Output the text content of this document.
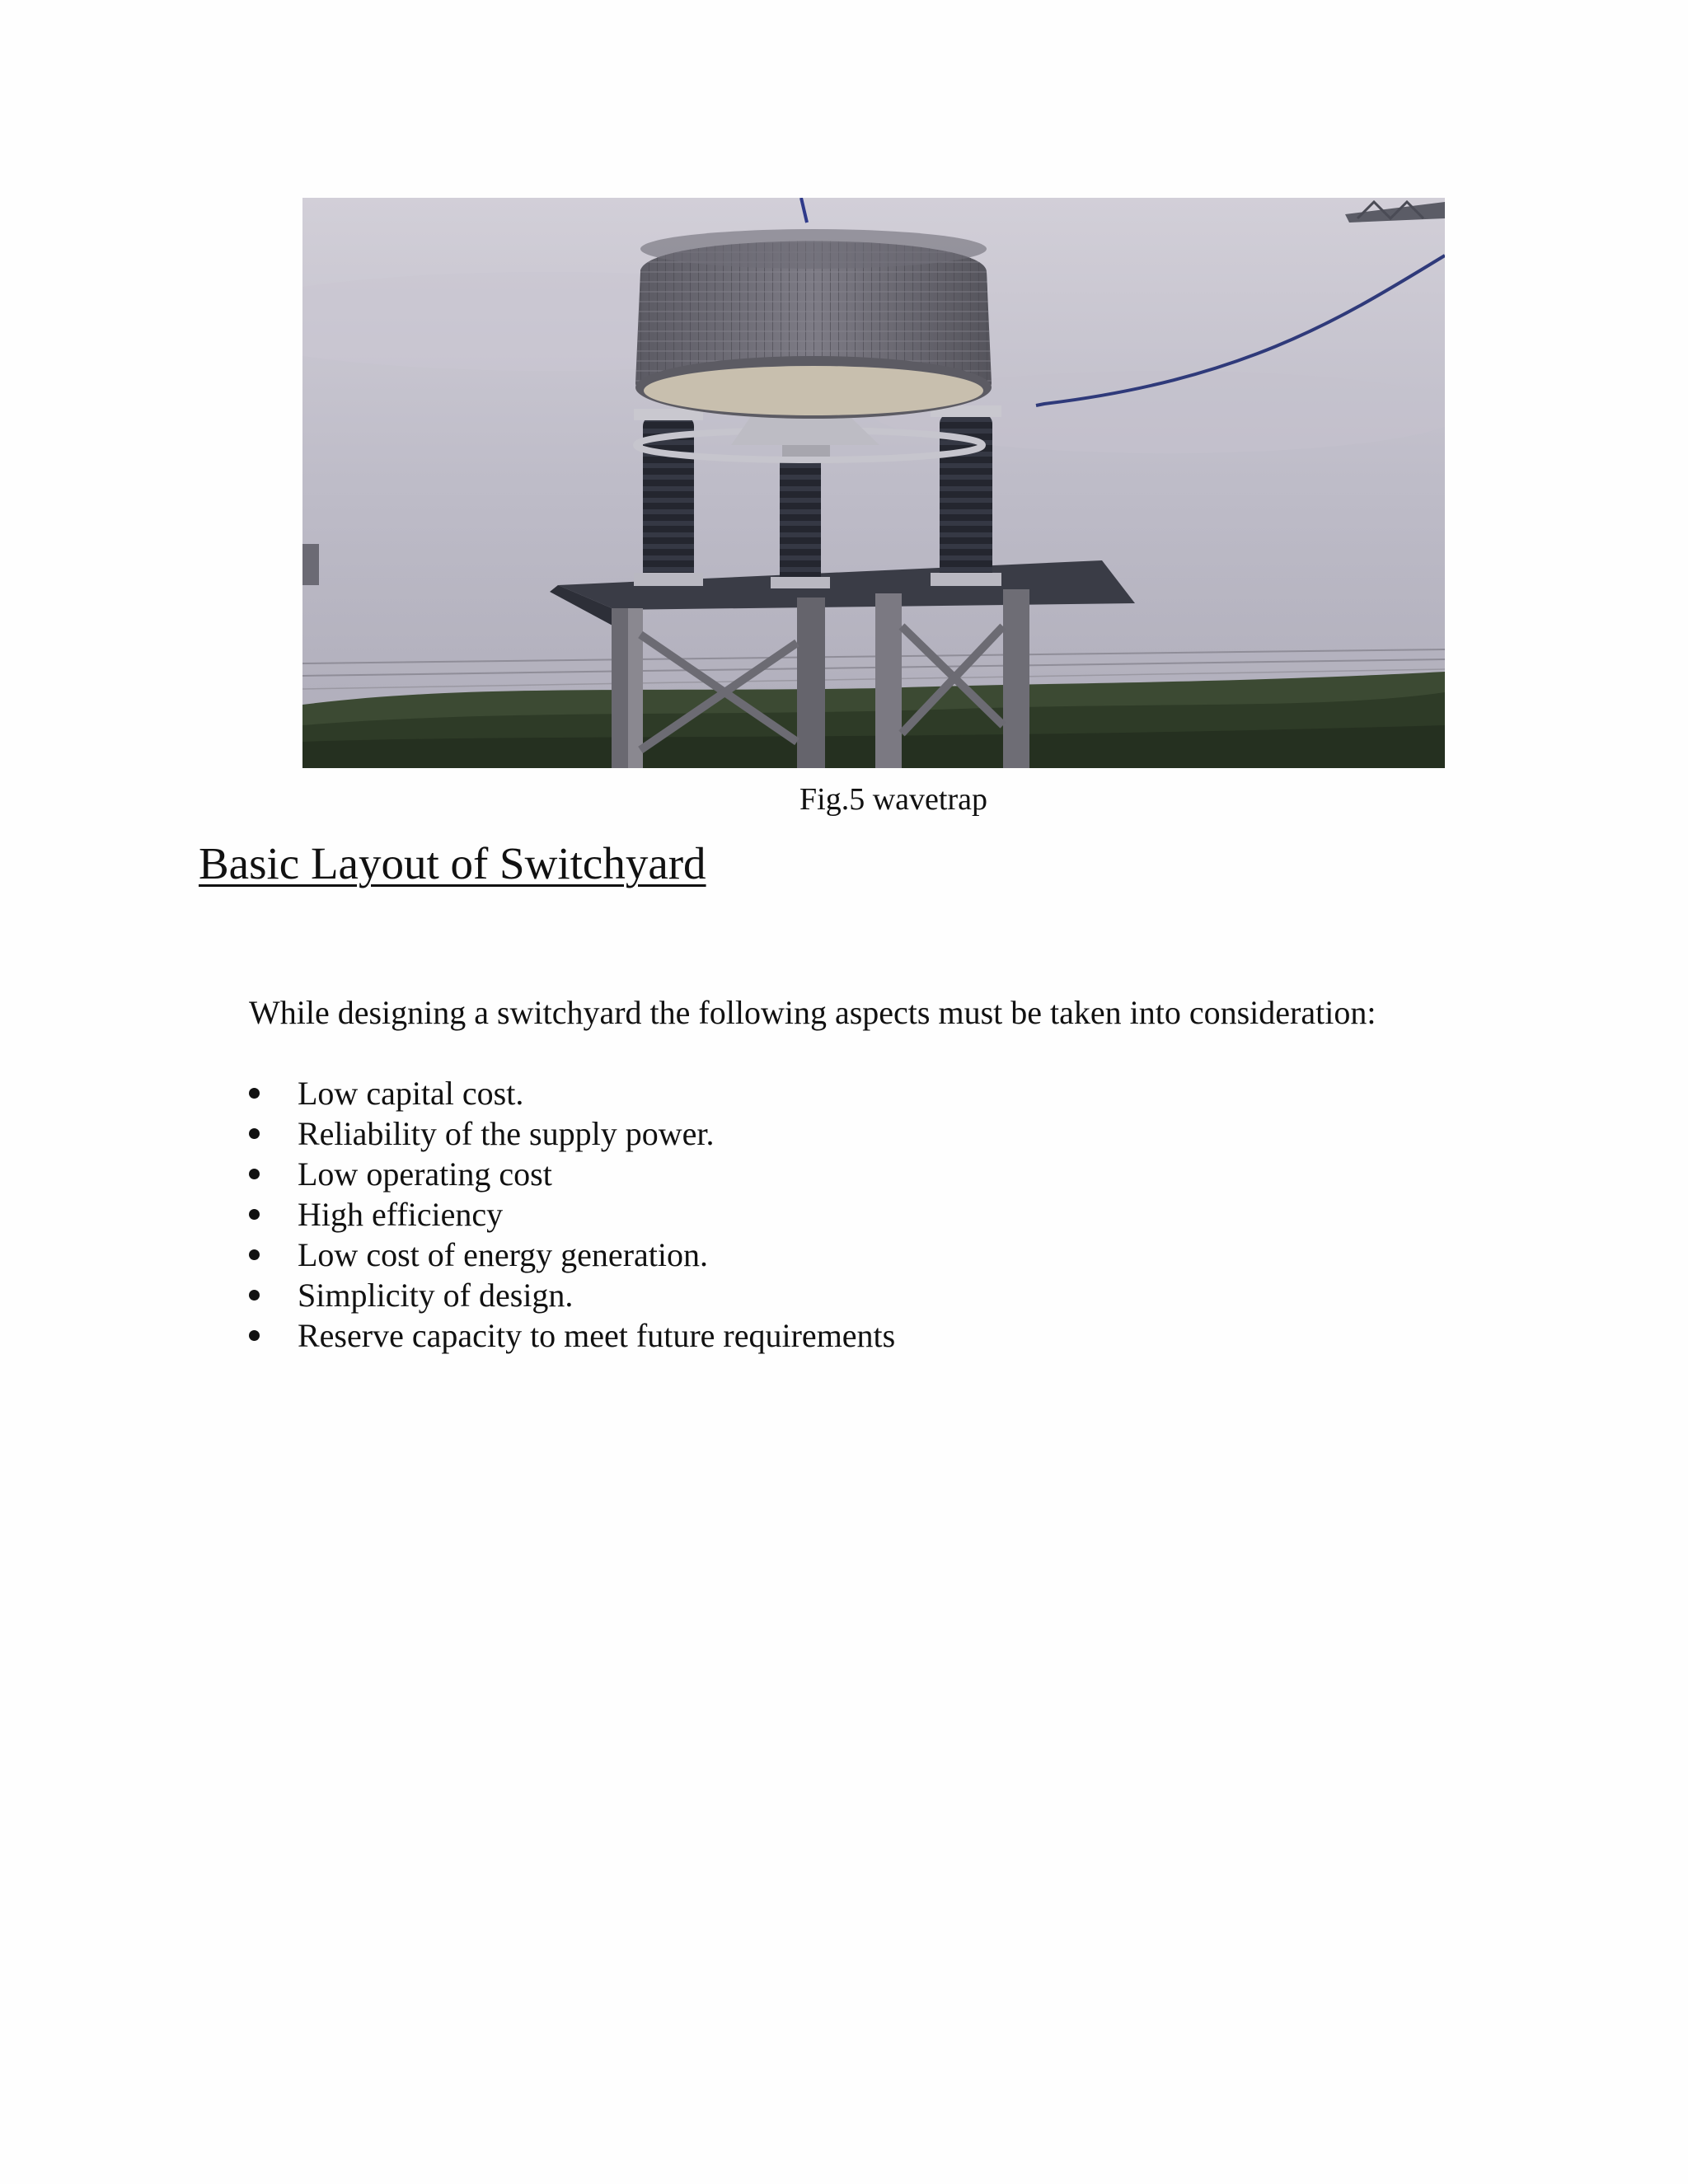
Fig.5 wavetrap
Basic Layout of Switchyard
While designing a switchyard the following aspects must be taken into consideration:
Low capital cost.
Reliability of the supply power.
Low operating cost
High efficiency
Low cost of energy generation.
Simplicity of design.
Reserve capacity to meet future requirements
